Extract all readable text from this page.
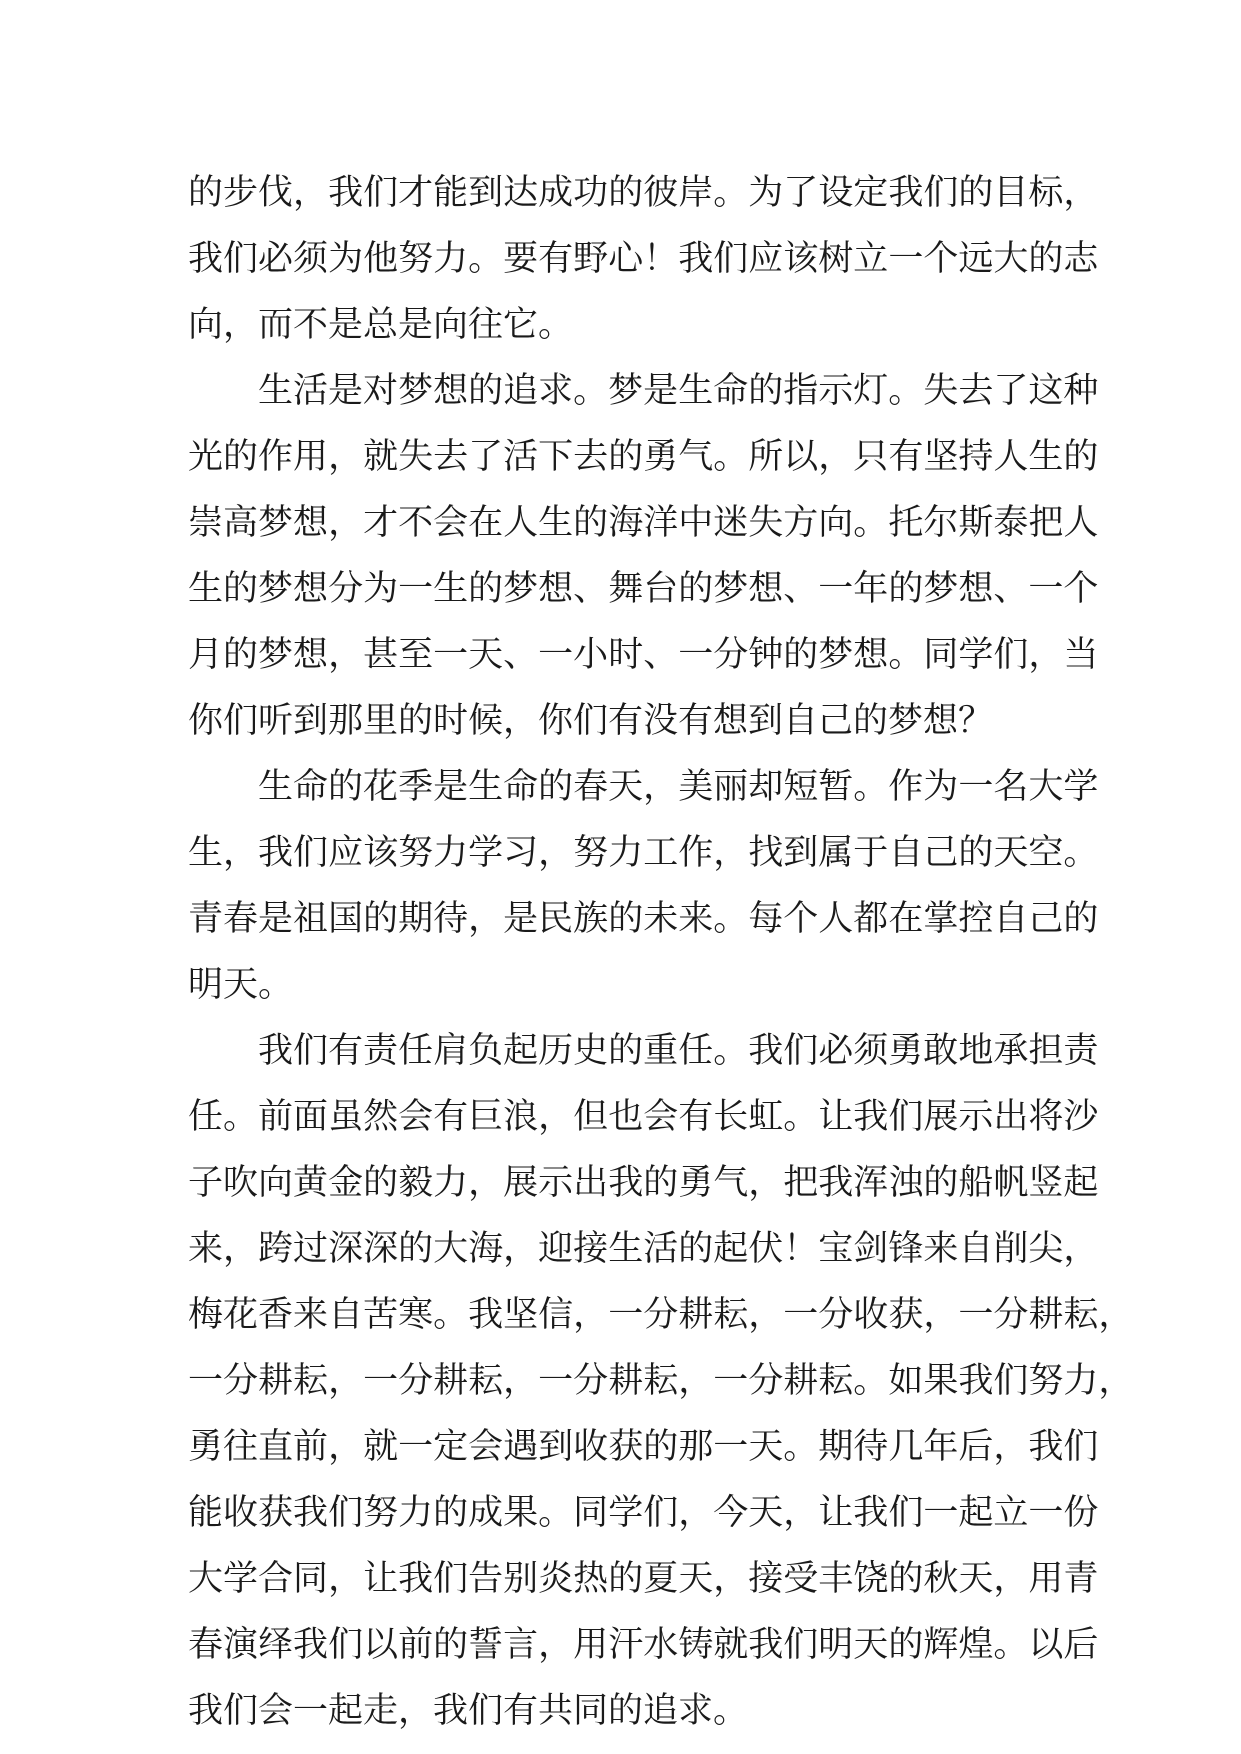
的 步 伐 ， 我 们 才 能 到 达 成 功 的 彼 岸 。 为 了 设 定 我 们 的 目 标 ，
我 们 必 须 为 他 努 力 。 要 有 野 心 ！ 我 们 应 该 树 立 一 个 远 大 的 志
向，而不是总是向往它。
生 活 是 对 梦 想 的 追 求 。 梦 是 生 命 的 指 示 灯 。 失 去 了 这 种
光 的 作 用 ， 就 失 去 了 活 下 去 的 勇 气 。 所 以 ， 只 有 坚 持 人 生 的
崇 高 梦 想 ， 才 不 会 在 人 生 的 海 洋 中 迷 失 方 向 。 托 尔 斯 泰 把 人
生 的 梦 想 分 为 一 生 的 梦 想 、 舞 台 的 梦 想 、 一 年 的 梦 想 、 一 个
月 的 梦 想 ， 甚 至 一 天 、 一 小 时 、 一 分 钟 的 梦 想 。 同 学 们 ， 当
你们听到那里的时候，你们有没有想到自己的梦想？
生 命 的 花 季 是 生 命 的 春 天 ， 美 丽 却 短 暂 。 作 为 一 名 大 学
生 ， 我 们 应 该 努 力 学 习 ， 努 力 工 作 ， 找 到 属 于 自 己 的 天 空 。
青 春 是 祖 国 的 期 待 ， 是 民 族 的 未 来 。 每 个 人 都 在 掌 控 自 己 的
明天。
我 们 有 责 任 肩 负 起 历 史 的 重 任 。 我 们 必 须 勇 敢 地 承 担 责
任 。 前 面 虽 然 会 有 巨 浪 ， 但 也 会 有 长 虹 。 让 我 们 展 示 出 将 沙
子 吹 向 黄 金 的 毅 力 ， 展 示 出 我 的 勇 气 ， 把 我 浑 浊 的 船 帆 竖 起
来 ， 跨 过 深 深 的 大 海 ， 迎 接 生 活 的 起 伏 ！ 宝 剑 锋 来 自 削 尖 ，
梅 花 香 来 自 苦 寒 。 我 坚 信 ， 一 分 耕 耘 ， 一 分 收 获 ， 一 分 耕 耘 ，
一 分 耕 耘 ， 一 分 耕 耘 ， 一 分 耕 耘 ， 一 分 耕 耘 。 如 果 我 们 努 力 ，
勇 往 直 前 ， 就 一 定 会 遇 到 收 获 的 那 一 天 。 期 待 几 年 后 ， 我 们
能 收 获 我 们 努 力 的 成 果 。 同 学 们 ， 今 天 ， 让 我 们 一 起 立 一 份
大 学 合 同 ， 让 我 们 告 别 炎 热 的 夏 天 ， 接 受 丰 饶 的 秋 天 ， 用 青
春 演 绎 我 们 以 前 的 誓 言 ， 用 汗 水 铸 就 我 们 明 天 的 辉 煌 。 以 后
我们会一起走，我们有共同的追求。
